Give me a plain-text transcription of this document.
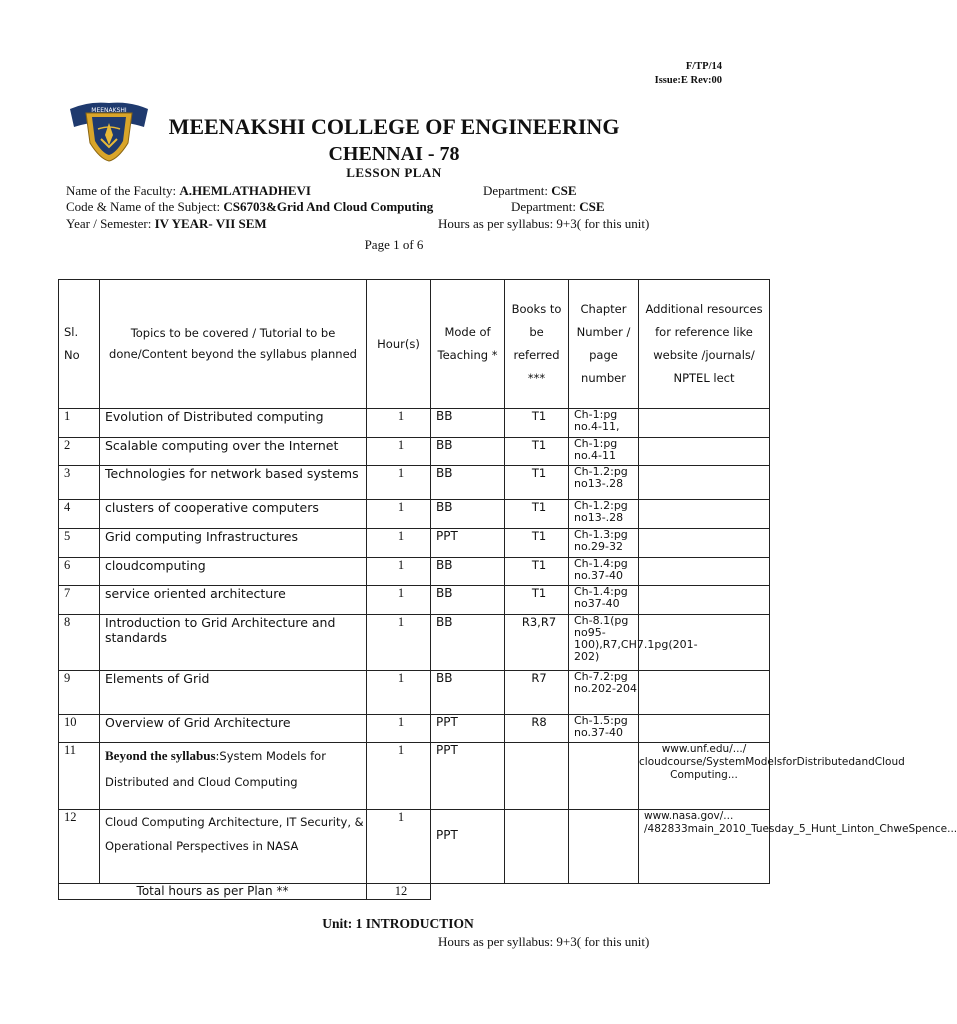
F/TP/14
Issue:E Rev:00
MEENAKSHI
MEENAKSHI COLLEGE OF ENGINEERING
CHENNAI - 78
LESSON PLAN
Name of the Faculty: A.HEMLATHADHEVI	Department: CSE
Code & Name of the Subject: CS6703&Grid And Cloud Computing	Department: CSE
Year / Semester: IV YEAR- VII SEM	Hours as per syllabus: 9+3( for this unit)
Page 1 of 6
Sl. No	Topics to be covered / Tutorial to be done/Content beyond the syllabus planned	Hour(s)	Mode of Teaching *	Books to be referred ***	Chapter Number / page number	Additional resources for reference like website /journals/ NPTEL lect
1	Evolution of Distributed computing	1	BB	T1	Ch-1:pg no.4-11,	
2	Scalable computing over the Internet	1	BB	T1	Ch-1:pg no.4-11	
3	Technologies for network based systems	1	BB	T1	Ch-1.2:pg no13-.28	
4	clusters of cooperative computers	1	BB	T1	Ch-1.2:pg no13-.28	
5	Grid computing Infrastructures	1	PPT	T1	Ch-1.3:pg no.29-32	
6	cloudcomputing	1	BB	T1	Ch-1.4:pg no.37-40	
7	service oriented architecture	1	BB	T1	Ch-1.4:pg no37-40	
8	Introduction to Grid Architecture and standards	1	BB	R3,R7	Ch-8.1(pg no95-100),R7,CH7.1pg(201-202)	
9	Elements of Grid	1	BB	R7	Ch-7.2:pg no.202-204	
10	Overview of Grid Architecture	1	PPT	R8	Ch-1.5:pg no.37-40	
11	Beyond the syllabus:System Models for Distributed and Cloud Computing	1	PPT			www.unf.edu/.../ cloudcourse/SystemModelsforDistributedandCloud Computing...
12	Cloud Computing Architecture, IT Security, & Operational Perspectives in NASA	1	PPT			www.nasa.gov/... /482833main_2010_Tuesday_5_Hunt_Linton_ChweSpence...
Total hours as per Plan **		12				
Unit: 1 INTRODUCTION
Hours as per syllabus: 9+3( for this unit)
